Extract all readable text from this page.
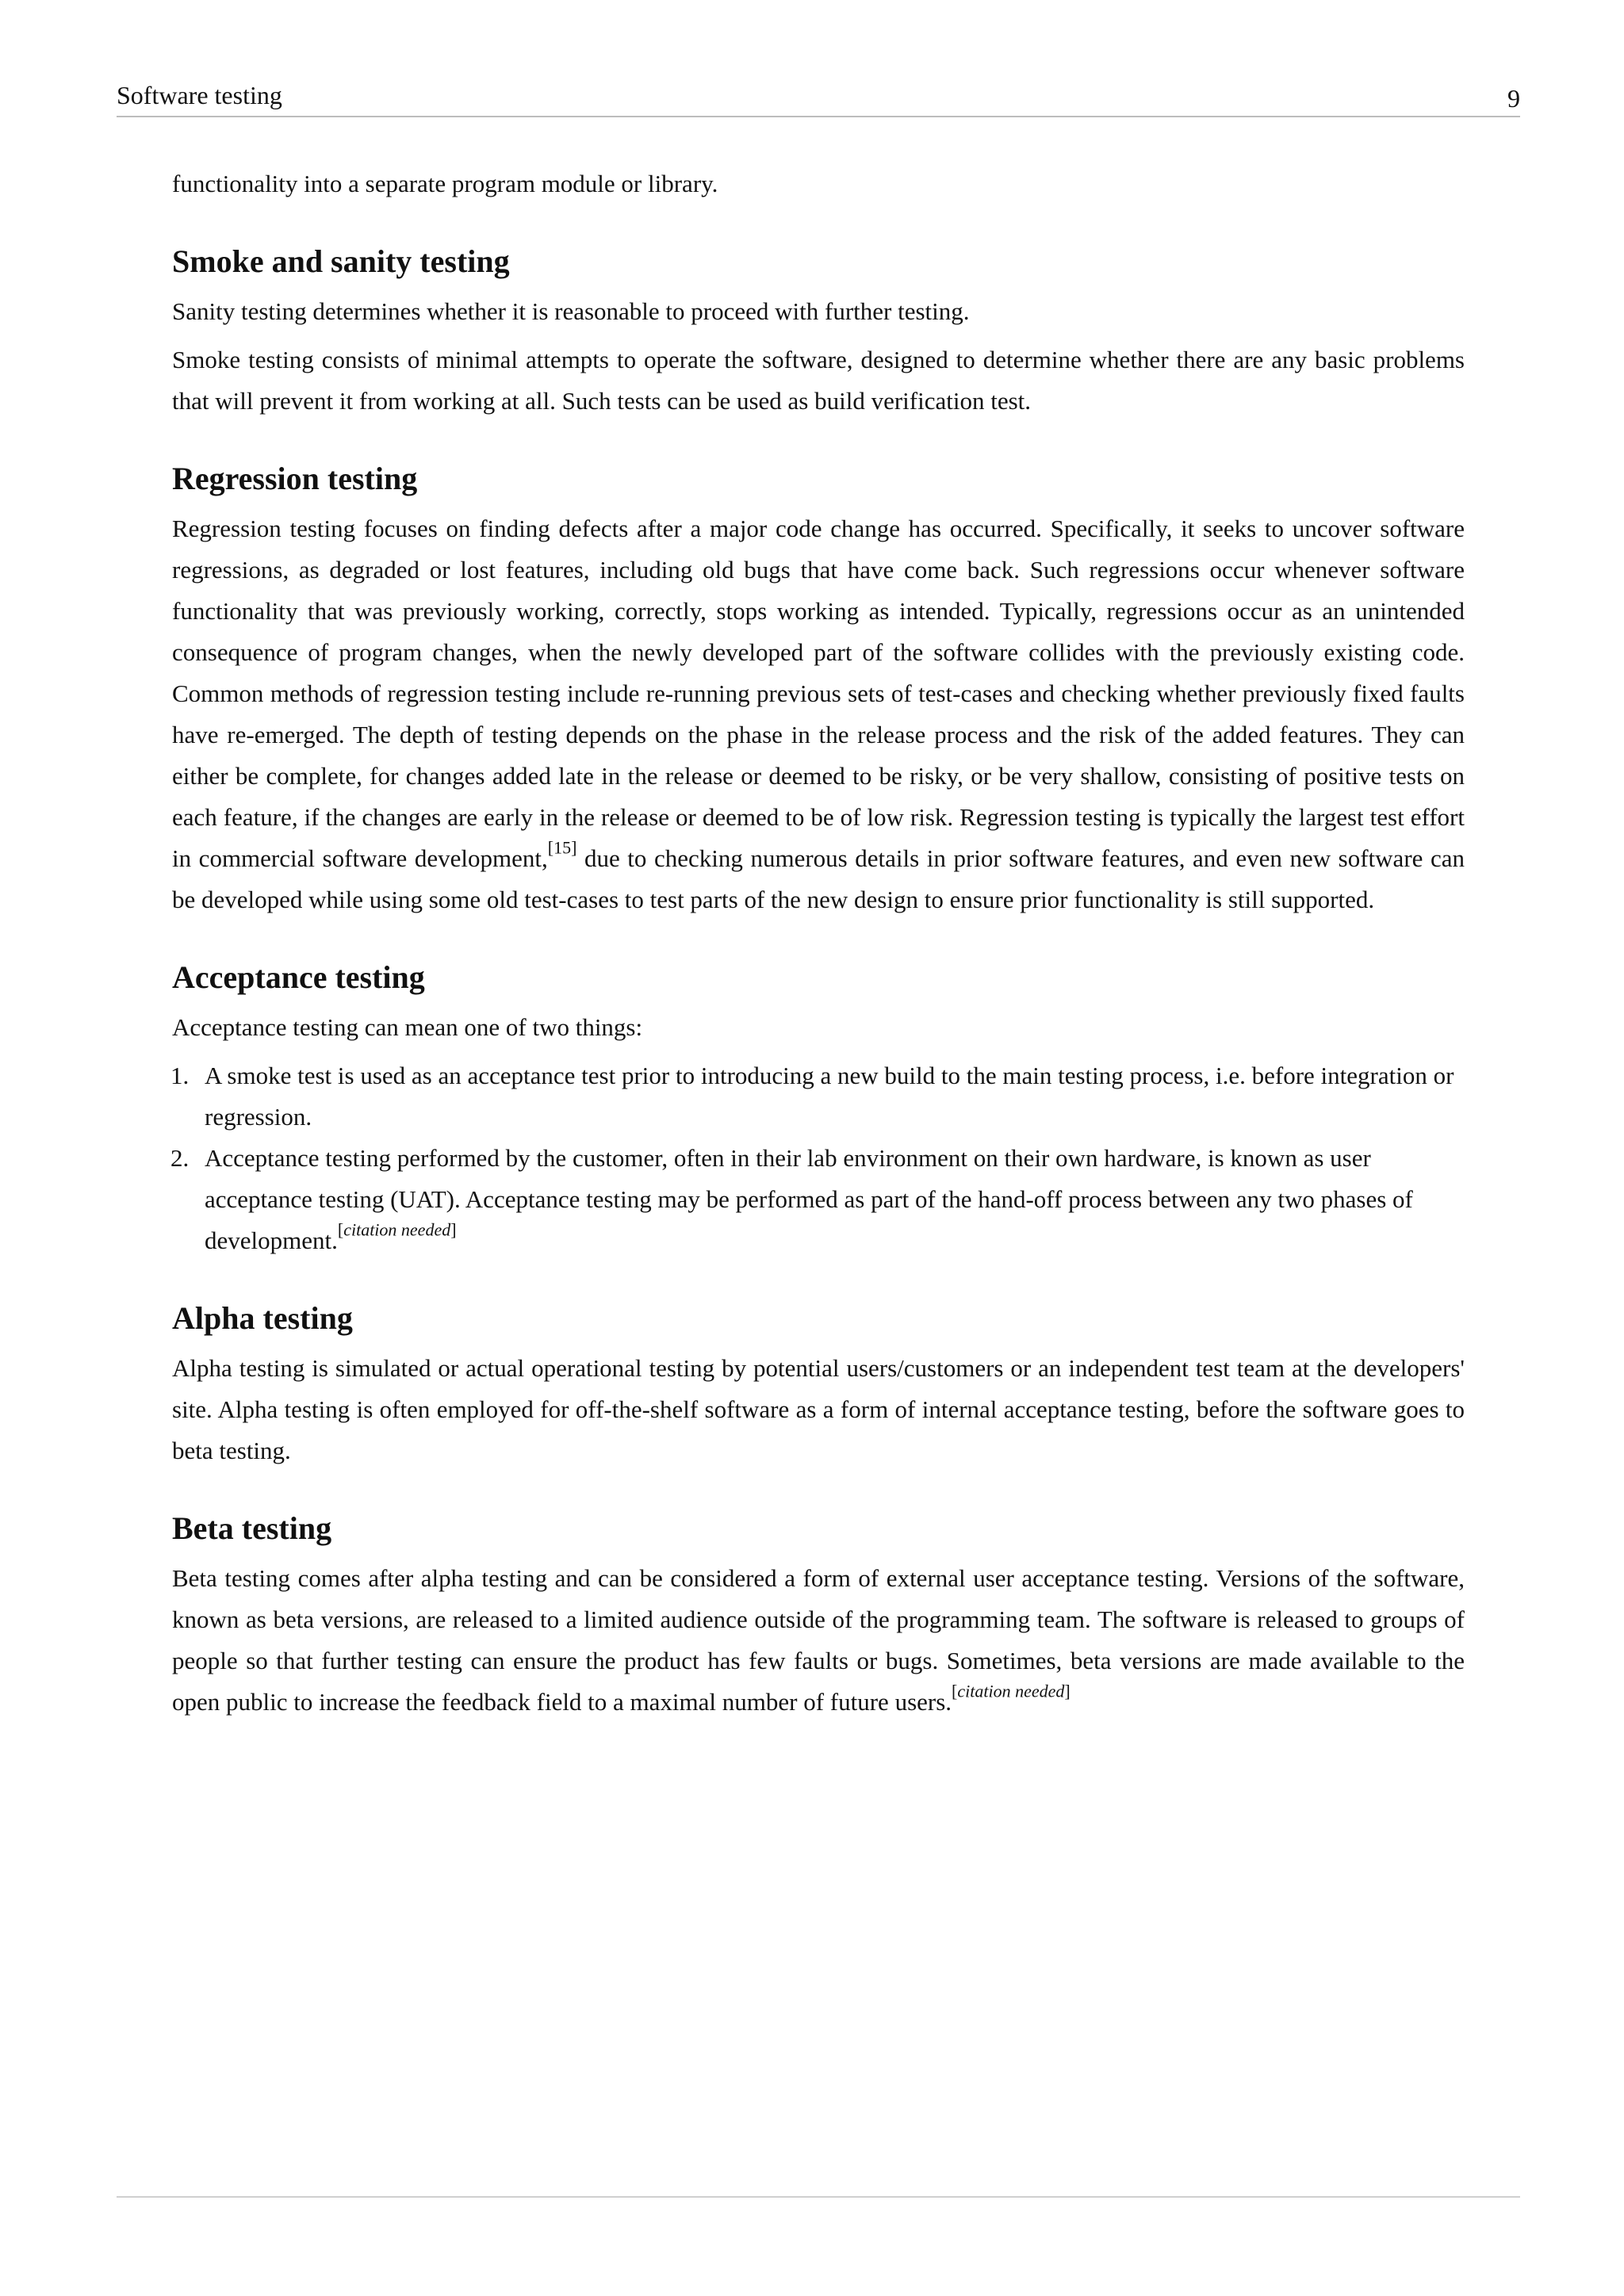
Software testing	9

functionality into a separate program module or library.

Smoke and sanity testing

Sanity testing determines whether it is reasonable to proceed with further testing.

Smoke testing consists of minimal attempts to operate the software, designed to determine whether there are any basic problems that will prevent it from working at all. Such tests can be used as build verification test.

Regression testing

Regression testing focuses on finding defects after a major code change has occurred. Specifically, it seeks to uncover software regressions, as degraded or lost features, including old bugs that have come back. Such regressions occur whenever software functionality that was previously working, correctly, stops working as intended. Typically, regressions occur as an unintended consequence of program changes, when the newly developed part of the software collides with the previously existing code. Common methods of regression testing include re-running previous sets of test-cases and checking whether previously fixed faults have re-emerged. The depth of testing depends on the phase in the release process and the risk of the added features. They can either be complete, for changes added late in the release or deemed to be risky, or be very shallow, consisting of positive tests on each feature, if the changes are early in the release or deemed to be of low risk. Regression testing is typically the largest test effort in commercial software development,[15] due to checking numerous details in prior software features, and even new software can be developed while using some old test-cases to test parts of the new design to ensure prior functionality is still supported.

Acceptance testing

Acceptance testing can mean one of two things:

1. A smoke test is used as an acceptance test prior to introducing a new build to the main testing process, i.e. before integration or regression.
2. Acceptance testing performed by the customer, often in their lab environment on their own hardware, is known as user acceptance testing (UAT). Acceptance testing may be performed as part of the hand-off process between any two phases of development.[citation needed]
Alpha testing

Alpha testing is simulated or actual operational testing by potential users/customers or an independent test team at the developers' site. Alpha testing is often employed for off-the-shelf software as a form of internal acceptance testing, before the software goes to beta testing.

Beta testing

Beta testing comes after alpha testing and can be considered a form of external user acceptance testing. Versions of the software, known as beta versions, are released to a limited audience outside of the programming team. The software is released to groups of people so that further testing can ensure the product has few faults or bugs. Sometimes, beta versions are made available to the open public to increase the feedback field to a maximal number of future users.[citation needed]
